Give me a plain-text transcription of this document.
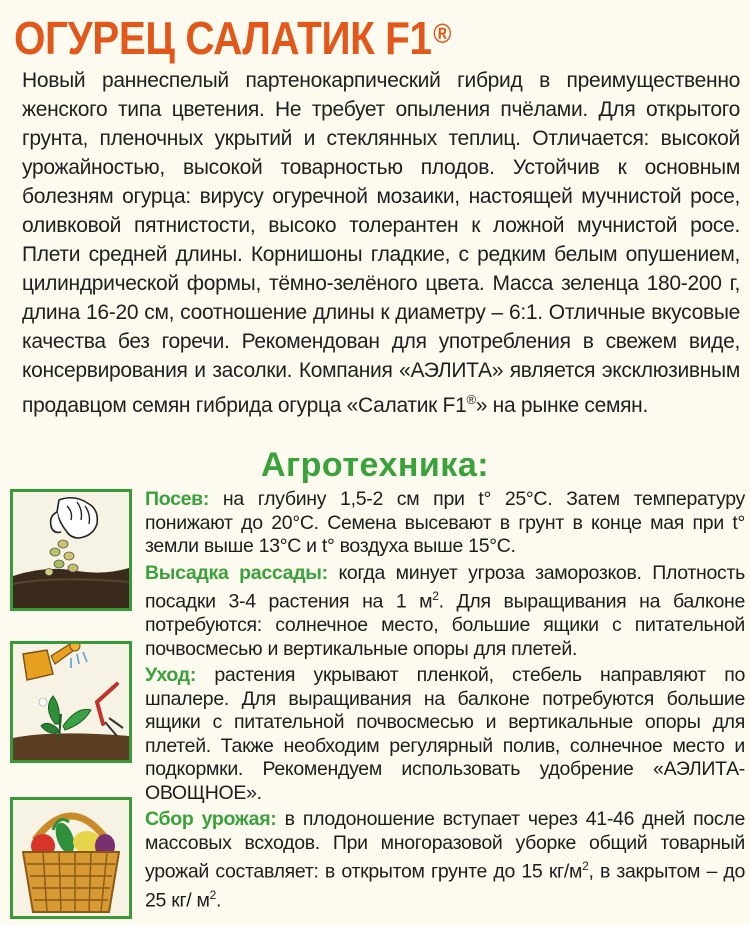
ОГУРЕЦ САЛАТИК F1®

Новый раннеспелый партенокарпический гибрид в преимущественно женского типа цветения. Не требует опыления пчёлами. Для открытого грунта, пленочных укрытий и стеклянных теплиц. Отличается: высокой урожайностью, высокой товарностью плодов. Устойчив к основным болезням огурца: вирусу огуречной мозаики, настоящей мучнистой росе, оливковой пятнистости, высоко толерантен к ложной мучнистой росе. Плети средней длины. Корнишоны гладкие, с редким белым опушением, цилиндрической формы, тёмно-зелёного цвета. Масса зеленца 180-200 г, длина 16-20 см, соотношение длины к диаметру – 6:1. Отличные вкусовые качества без горечи. Рекомендован для употребления в свежем виде, консервирования и засолки. Компания «АЭЛИТА» является эксклюзивным продавцом семян гибрида огурца «Салатик F1®» на рынке семян.

Агротехника:

Посев: на глубину 1,5-2 см при t° 25°С. Затем температуру понижают до 20°С. Семена высевают в грунт в конце мая при t° земли выше 13°С и t° воздуха выше 15°С.

Высадка рассады: когда минует угроза заморозков. Плотность посадки 3-4 растения на 1 $м^2$. Для выращивания на балконе потребуются: солнечное место, большие ящики с питательной почвосмесью и вертикальные опоры для плетей.

Уход: растения укрывают пленкой, стебель направляют по шпалере. Для выращивания на балконе потребуются большие ящики с питательной почвосмесью и вертикальные опоры для плетей. Также необходим регулярный полив, солнечное место и подкормки. Рекомендуем использовать удобрение «АЭЛИТА-ОВОЩНОЕ».

Сбор урожая: в плодоношение вступает через 41-46 дней после массовых всходов. При многоразовой уборке общий товарный урожай составляет: в открытом грунте до 15 $кг/м^2$, в закрытом – до 25 кг/ $м^2$.
